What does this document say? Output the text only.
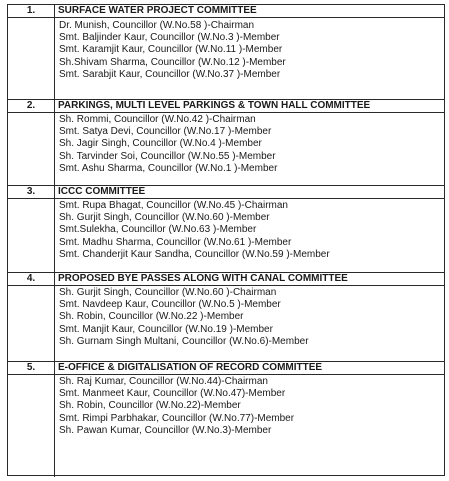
1.	SURFACE WATER PROJECT COMMITTEE
Dr. Munish, Councillor (W.No.58 )-Chairman
Smt. Baljinder Kaur, Councillor (W.No.3 )-Member
Smt. Karamjit Kaur, Councillor (W.No.11 )-Member
Sh.Shivam Sharma, Councillor (W.No.12 )-Member
Smt. Sarabjit Kaur, Councillor (W.No.37 )-Member
2.	PARKINGS, MULTI LEVEL PARKINGS & TOWN HALL COMMITTEE
Sh. Rommi, Councillor (W.No.42 )-Chairman
Smt. Satya Devi, Councillor (W.No.17 )-Member
Sh. Jagir Singh, Councillor (W.No.4 )-Member
Sh. Tarvinder Soi, Councillor (W.No.55 )-Member
Smt. Ashu Sharma, Councillor (W.No.1 )-Member
3.	ICCC COMMITTEE
Smt. Rupa Bhagat, Councillor (W.No.45 )-Chairman
Sh. Gurjit Singh, Councillor (W.No.60 )-Member
Smt.Sulekha, Councillor (W.No.63 )-Member
Smt. Madhu Sharma, Councillor (W.No.61 )-Member
Smt. Chanderjit Kaur Sandha, Councillor (W.No.59 )-Member
4.	PROPOSED BYE PASSES ALONG WITH CANAL COMMITTEE
Sh. Gurjit Singh, Councillor (W.No.60 )-Chairman
Smt. Navdeep Kaur, Councillor (W.No.5 )-Member
Sh. Robin, Councillor (W.No.22 )-Member
Smt. Manjit Kaur, Councillor (W.No.19 )-Member
Sh. Gurnam Singh Multani, Councillor (W.No.6)-Member
5.	E-OFFICE & DIGITALISATION OF RECORD COMMITTEE
Sh. Raj Kumar, Councillor (W.No.44)-Chairman
Smt. Manmeet Kaur, Councillor (W.No.47)-Member
Sh. Robin, Councillor (W.No.22)-Member
Smt. Rimpi Parbhakar, Councillor (W.No.77)-Member
Sh. Pawan Kumar, Councillor (W.No.3)-Member
